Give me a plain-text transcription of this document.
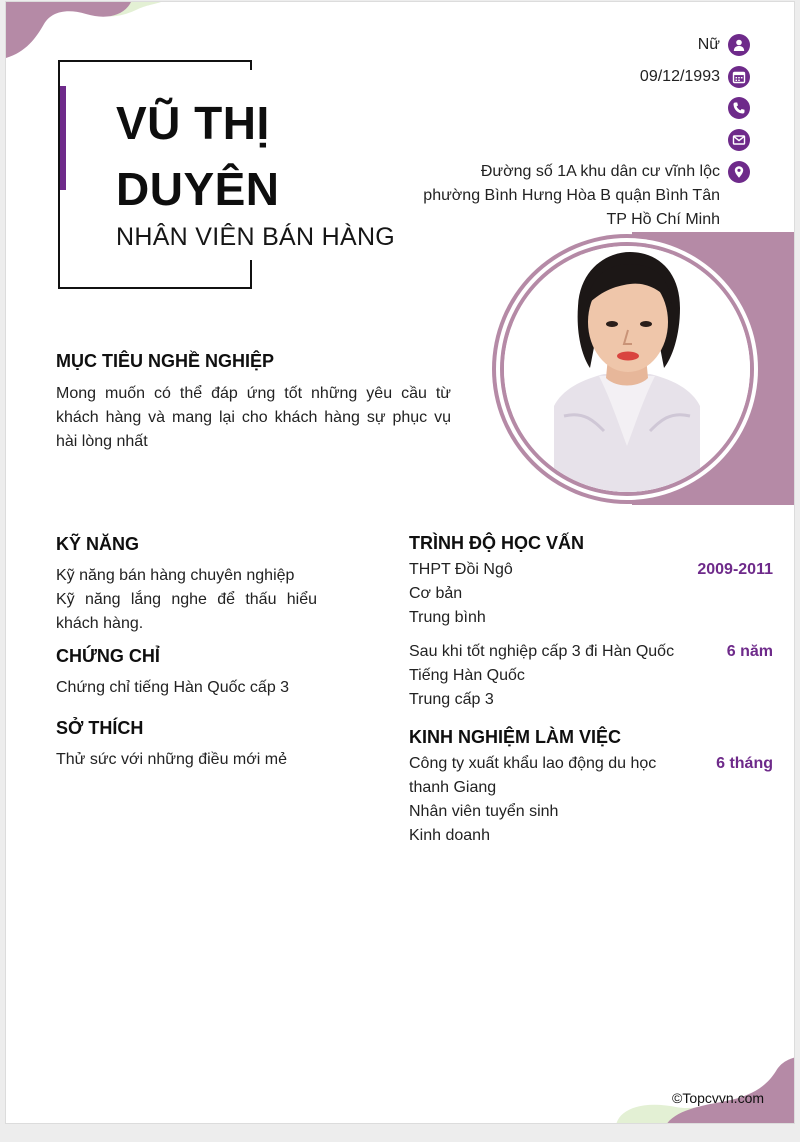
VŨ THỊ
DUYÊN
NHÂN VIÊN BÁN HÀNG
Nữ
09/12/1993
Đường số 1A khu dân cư vĩnh lộc phường Bình Hưng Hòa B quận Bình Tân TP Hồ Chí Minh
MỤC TIÊU NGHỀ NGHIỆP
Mong muốn có thể đáp ứng tốt những yêu cầu từ khách hàng và mang lại cho khách hàng sự phục vụ hài lòng nhất
KỸ NĂNG
Kỹ năng bán hàng chuyên nghiệp
Kỹ năng lắng nghe để thấu hiểu khách hàng.
CHỨNG CHỈ
Chứng chỉ tiếng Hàn Quốc cấp 3
SỞ THÍCH
Thử sức với những điều mới mẻ
TRÌNH ĐỘ HỌC VẤN
THPT Đồi Ngô	2009-2011
Cơ bản
Trung bình
Sau khi tốt nghiệp cấp 3 đi Hàn Quốc	6 năm
Tiếng Hàn Quốc
Trung cấp 3
KINH NGHIỆM LÀM VIỆC
Công ty xuất khẩu lao động du học	6 tháng
thanh Giang
Nhân viên tuyển sinh
Kinh doanh
©Topcvvn.com
